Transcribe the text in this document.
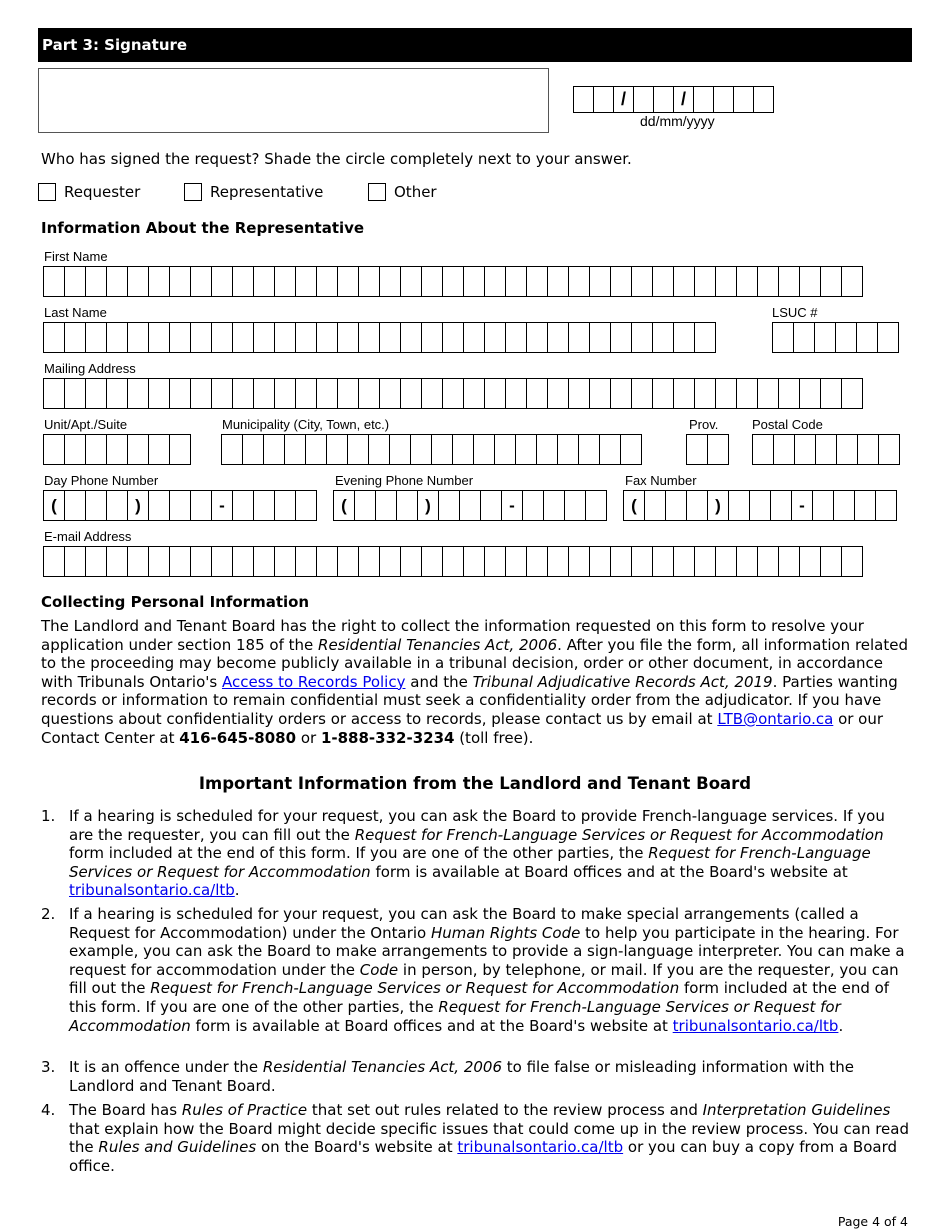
Part 3: Signature
/	/
dd/mm/yyyy
Who has signed the request? Shade the circle completely next to your answer.
Requester	Representative	Other
Information About the Representative
First Name
Last Name	LSUC #
Mailing Address
Unit/Apt./Suite	Municipality (City, Town, etc.)	Prov.	Postal Code
Day Phone Number	Evening Phone Number	Fax Number
(	)	-	(	)	-	(	)	-
E-mail Address
Collecting Personal Information
The Landlord and Tenant Board has the right to collect the information requested on this form to resolve your application under section 185 of the Residential Tenancies Act, 2006. After you file the form, all information related to the proceeding may become publicly available in a tribunal decision, order or other document, in accordance with Tribunals Ontario's Access to Records Policy and the Tribunal Adjudicative Records Act, 2019. Parties wanting records or information to remain confidential must seek a confidentiality order from the adjudicator. If you have questions about confidentiality orders or access to records, please contact us by email at LTB@ontario.ca or our Contact Center at 416-645-8080 or 1-888-332-3234 (toll free).
Important Information from the Landlord and Tenant Board
1. If a hearing is scheduled for your request, you can ask the Board to provide French-language services. If you are the requester, you can fill out the Request for French-Language Services or Request for Accommodation form included at the end of this form. If you are one of the other parties, the Request for French-Language Services or Request for Accommodation form is available at Board offices and at the Board's website at tribunalsontario.ca/ltb.
2. If a hearing is scheduled for your request, you can ask the Board to make special arrangements (called a Request for Accommodation) under the Ontario Human Rights Code to help you participate in the hearing. For example, you can ask the Board to make arrangements to provide a sign-language interpreter. You can make a request for accommodation under the Code in person, by telephone, or mail. If you are the requester, you can fill out the Request for French-Language Services or Request for Accommodation form included at the end of this form. If you are one of the other parties, the Request for French-Language Services or Request for Accommodation form is available at Board offices and at the Board's website at tribunalsontario.ca/ltb.
3. It is an offence under the Residential Tenancies Act, 2006 to file false or misleading information with the Landlord and Tenant Board.
4. The Board has Rules of Practice that set out rules related to the review process and Interpretation Guidelines that explain how the Board might decide specific issues that could come up in the review process. You can read the Rules and Guidelines on the Board's website at tribunalsontario.ca/ltb or you can buy a copy from a Board office.
Page 4 of 4
